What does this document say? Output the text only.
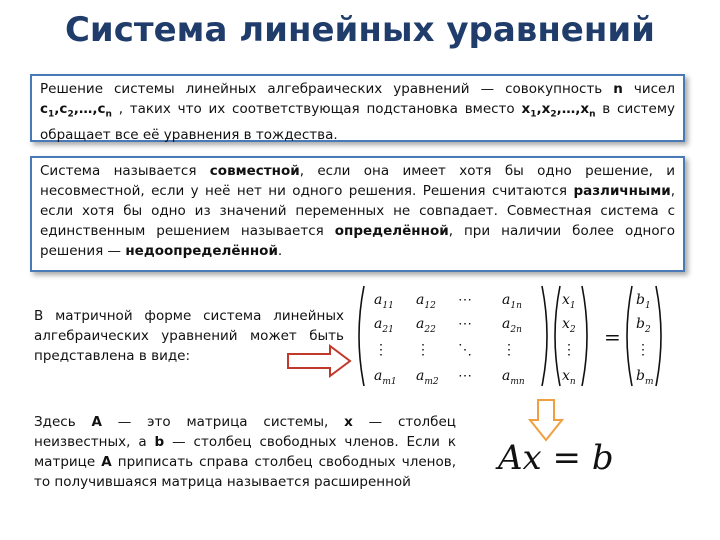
Система линейных уравнений
Решение системы линейных алгебраических уравнений — совокупность n чисел $c_1,c_2,\dots,c_n$ , таких что их соответствующая подстановка вместо $x_1,x_2,\dots,x_n$ в систему обращает все её уравнения в тождества.
Система называется совместной, если она имеет хотя бы одно решение, и несовместной, если у неё нет ни одного решения. Решения считаются различными, если хотя бы одно из значений переменных не совпадает. Совместная система с единственным решением называется определённой, при наличии более одного решения — недоопределённой.
В матричной форме система линейных алгебраических уравнений может быть представлена в виде:
$a_{11}$ $a_{12}$ ⋯ $a_{1n}$
$a_{21}$ $a_{22}$ ⋯ $a_{2n}$
⋮ ⋮ ⋱ ⋮
$a_{m1}$ $a_{m2}$ ⋯ $a_{mn}$
$x_1$
$x_2$
⋮
$x_n$
$b_1$
$b_2$
⋮
$b_m$
=
Здесь A — это матрица системы, x — столбец неизвестных, а b — столбец свободных членов. Если к матрице A приписать справа столбец свободных членов, то получившаяся матрица называется расширенной
Ax = b
